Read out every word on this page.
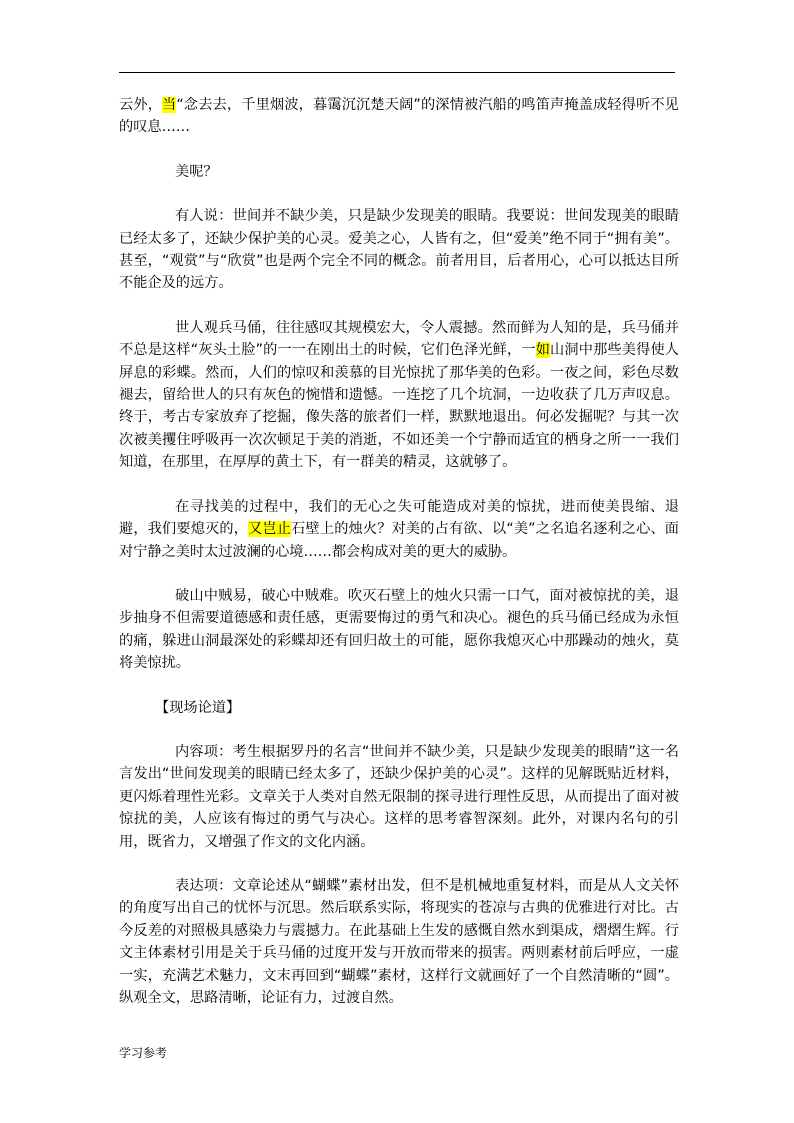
云外，当“念去去，千里烟波，暮霭沉沉楚天阔”的深情被汽船的鸣笛声掩盖成轻得听不见的叹息……

美呢？

有人说：世间并不缺少美，只是缺少发现美的眼睛。我要说：世间发现美的眼睛已经太多了，还缺少保护美的心灵。爱美之心，人皆有之，但“爱美”绝不同于“拥有美”。甚至，“观赏”与“欣赏”也是两个完全不同的概念。前者用目，后者用心，心可以抵达目所不能企及的远方。

世人观兵马俑，往往感叹其规模宏大，令人震撼。然而鲜为人知的是，兵马俑并不总是这样“灰头土脸”的一一在刚出土的时候，它们色泽光鲜，一如山洞中那些美得使人屏息的彩蝶。然而，人们的惊叹和羡慕的目光惊扰了那华美的色彩。一夜之间，彩色尽数褪去，留给世人的只有灰色的惋惜和遗憾。一连挖了几个坑洞，一边收获了几万声叹息。终于，考古专家放弃了挖掘，像失落的旅者们一样，默默地退出。何必发掘呢？与其一次次被美攫住呼吸再一次次顿足于美的消逝，不如还美一个宁静而适宜的栖身之所一一我们知道，在那里，在厚厚的黄土下，有一群美的精灵，这就够了。

在寻找美的过程中，我们的无心之失可能造成对美的惊扰，进而使美畏缩、退避，我们要熄灭的，又岂止石壁上的烛火？对美的占有欲、以“美”之名追名逐利之心、面对宁静之美时太过波澜的心境……都会构成对美的更大的威胁。

破山中贼易，破心中贼难。吹灭石壁上的烛火只需一口气，面对被惊扰的美，退步抽身不但需要道德感和责任感，更需要悔过的勇气和决心。褪色的兵马俑已经成为永恒的痛，躲进山洞最深处的彩蝶却还有回归故土的可能，愿你我熄灭心中那躁动的烛火，莫将美惊扰。

【现场论道】

内容项：考生根据罗丹的名言“世间并不缺少美，只是缺少发现美的眼睛”这一名言发出“世间发现美的眼睛已经太多了，还缺少保护美的心灵”。这样的见解既贴近材料，更闪烁着理性光彩。文章关于人类对自然无限制的探寻进行理性反思，从而提出了面对被惊扰的美，人应该有悔过的勇气与决心。这样的思考睿智深刻。此外，对课内名句的引用，既省力，又增强了作文的文化内涵。

表达项：文章论述从“蝴蝶”素材出发，但不是机械地重复材料，而是从人文关怀的角度写出自己的忧怀与沉思。然后联系实际，将现实的苍凉与古典的优雅进行对比。古今反差的对照极具感染力与震撼力。在此基础上生发的感慨自然水到渠成，熠熠生辉。行文主体素材引用是关于兵马俑的过度开发与开放而带来的损害。两则素材前后呼应，一虚一实，充满艺术魅力，文末再回到“蝴蝶”素材，这样行文就画好了一个自然清晰的“圆”。纵观全文，思路清晰，论证有力，过渡自然。

学习参考
